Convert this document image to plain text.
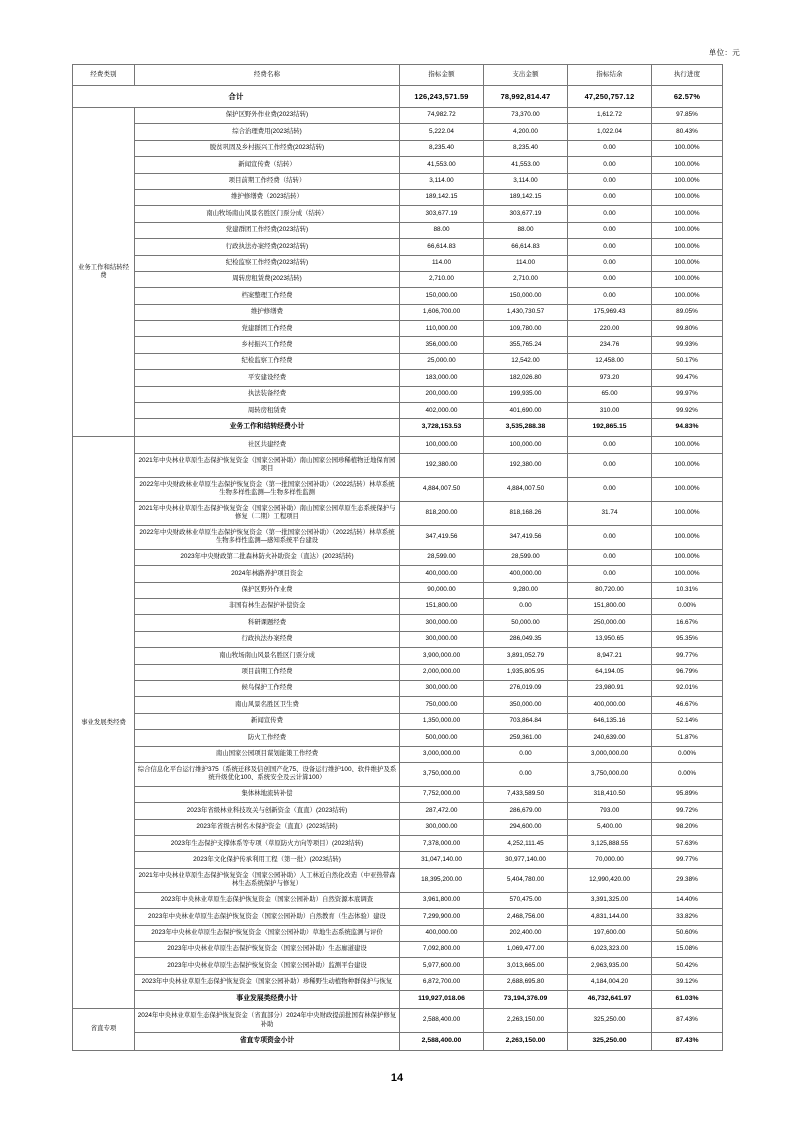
单位：元
经费类别	经费名称	指标金额	支出金额	指标结余	执行进度
合计		126,243,571.59	78,992,814.47	47,250,757.12	62.57%
业务工作和结转经费	保护区野外作业费(2023结转)	74,982.72	73,370.00	1,612.72	97.85%
	综合治理费用(2023结转)	5,222.04	4,200.00	1,022.04	80.43%
	脱贫巩固及乡村振兴工作经费(2023结转)	8,235.40	8,235.40	0.00	100.00%
	新闻宣传费（结转）	41,553.00	41,553.00	0.00	100.00%
	项目前期工作经费（结转）	3,114.00	3,114.00	0.00	100.00%
	维护修缮费（2023结转）	189,142.15	189,142.15	0.00	100.00%
	南山牧场南山风景名胜区门票分成（结转）	303,677.19	303,677.19	0.00	100.00%
	党建群团工作经费(2023结转)	88.00	88.00	0.00	100.00%
	行政执法办案经费(2023结转)	66,614.83	66,614.83	0.00	100.00%
	纪检监察工作经费(2023结转)	114.00	114.00	0.00	100.00%
	周转房租赁费(2023结转)	2,710.00	2,710.00	0.00	100.00%
	档案整理工作经费	150,000.00	150,000.00	0.00	100.00%
	维护修缮费	1,606,700.00	1,430,730.57	175,969.43	89.05%
	党建群团工作经费	110,000.00	109,780.00	220.00	99.80%
	乡村振兴工作经费	356,000.00	355,765.24	234.76	99.93%
	纪检监察工作经费	25,000.00	12,542.00	12,458.00	50.17%
	平安建设经费	183,000.00	182,026.80	973.20	99.47%
	执法装备经费	200,000.00	199,935.00	65.00	99.97%
	周转房租赁费	402,000.00	401,690.00	310.00	99.92%
	业务工作和结转经费小计	3,728,153.53	3,535,288.38	192,865.15	94.83%
事业发展类经费	社区共建经费	100,000.00	100,000.00	0.00	100.00%
	2021年中央林业草原生态保护恢复资金（国家公园补助）南山国家公园珍稀植物迁地保育园项目	192,380.00	192,380.00	0.00	100.00%
	2022年中央财政林业草原生态保护恢复资金（第一批国家公园补助）（2022结转）林草系统生物多样性监测—生物多样性监测	4,884,007.50	4,884,007.50	0.00	100.00%
	2021年中央林业草原生态保护恢复资金（国家公园补助）南山国家公园草原生态系统保护与修复（二期）工程项目	818,200.00	818,168.26	31.74	100.00%
	2022年中央财政林业草原生态保护恢复资金（第一批国家公园补助）（2022结转）林草系统生物多样性监测—感知系统平台建设	347,419.56	347,419.56	0.00	100.00%
	2023年中央财政第二批森林防火补助资金（直达）(2023结转)	28,599.00	28,599.00	0.00	100.00%
	2024年林路养护项目资金	400,000.00	400,000.00	0.00	100.00%
	保护区野外作业费	90,000.00	9,280.00	80,720.00	10.31%
	非国有林生态保护补偿资金	151,800.00	0.00	151,800.00	0.00%
	科研课题经费	300,000.00	50,000.00	250,000.00	16.67%
	行政执法办案经费	300,000.00	286,049.35	13,950.65	95.35%
	南山牧场南山风景名胜区门票分成	3,900,000.00	3,891,052.79	8,947.21	99.77%
	项目前期工作经费	2,000,000.00	1,935,805.95	64,194.05	96.79%
	候鸟保护工作经费	300,000.00	276,019.09	23,980.91	92.01%
	南山风景名胜区卫生费	750,000.00	350,000.00	400,000.00	46.67%
	新闻宣传费	1,350,000.00	703,864.84	646,135.16	52.14%
	防火工作经费	500,000.00	259,361.00	240,639.00	51.87%
	南山国家公园项目谋划能策工作经费	3,000,000.00	0.00	3,000,000.00	0.00%
	综合信息化平台运行维护375（系统迁移及信创国产化75、设备运行维护100、软件维护及系统升级优化100、系统安全及云计算100）	3,750,000.00	0.00	3,750,000.00	0.00%
	集体林地流转补偿	7,752,000.00	7,433,589.50	318,410.50	95.89%
	2023年省级林业科技攻关与创新资金（直直）(2023结转)	287,472.00	286,679.00	793.00	99.72%
	2023年省级古树名木保护资金（直直）(2023结转)	300,000.00	294,600.00	5,400.00	98.20%
	2023年生态保护支撑体系等专项（草原防火方向等项目）(2023结转)	7,378,000.00	4,252,111.45	3,125,888.55	57.63%
	2023年文化保护传承利用工程（第一批）(2023结转)	31,047,140.00	30,977,140.00	70,000.00	99.77%
	2021年中央林业草原生态保护恢复资金（国家公园补助）人工林近自然化改造（中亚热带森林生态系统保护与修复）	18,395,200.00	5,404,780.00	12,990,420.00	29.38%
	2023年中央林业草原生态保护恢复资金（国家公园补助）自然资源本底调查	3,961,800.00	570,475.00	3,391,325.00	14.40%
	2023年中央林业草原生态保护恢复资金（国家公园补助）自然教育（生态体验）建设	7,299,900.00	2,468,756.00	4,831,144.00	33.82%
	2023年中央林业草原生态保护恢复资金（国家公园补助）草地生态系统监测与评价	400,000.00	202,400.00	197,600.00	50.60%
	2023年中央林业草原生态保护恢复资金（国家公园补助）生态廊道建设	7,092,800.00	1,069,477.00	6,023,323.00	15.08%
	2023年中央林业草原生态保护恢复资金（国家公园补助）监测平台建设	5,977,600.00	3,013,665.00	2,963,935.00	50.42%
	2023年中央林业草原生态保护恢复资金（国家公园补助）珍稀野生动植物种群保护与恢复	6,872,700.00	2,688,695.80	4,184,004.20	39.12%
	事业发展类经费小计	119,927,018.06	73,194,376.09	46,732,641.97	61.03%
省直专项	2024年中央林业草原生态保护恢复资金（省直部分）2024年中央财政提前批国有林保护修复补助	2,588,400.00	2,263,150.00	325,250.00	87.43%
	省直专项资金小计	2,588,400.00	2,263,150.00	325,250.00	87.43%
14
